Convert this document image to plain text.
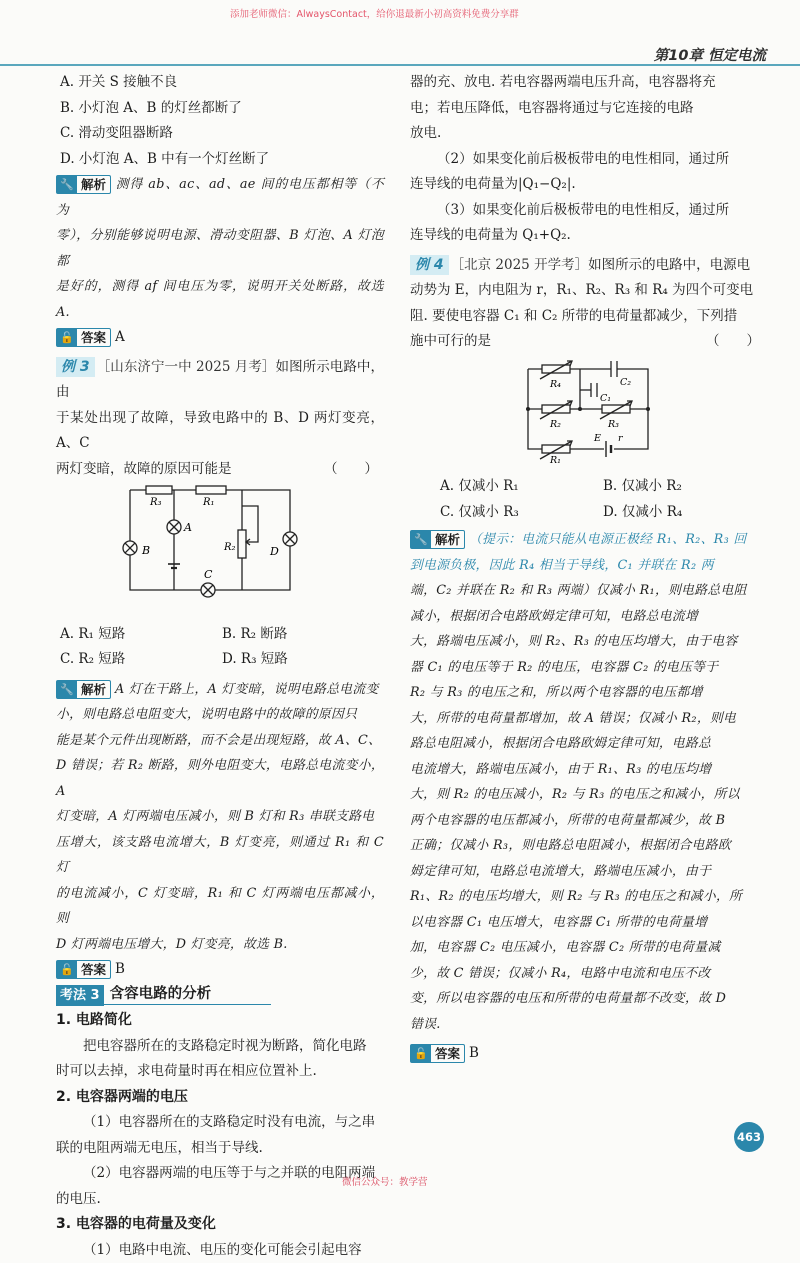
添加老师微信：AlwaysContact，给你退最新小初高资料免费分享群
第10章 恒定电流
A. 开关 S 接触不良
B. 小灯泡 A、B 的灯丝都断了
C. 滑动变阻器断路
D. 小灯泡 A、B 中有一个灯丝断了
🔧 解析 测得 ab、ac、ad、ae 间的电压都相等（不为
零），分别能够说明电源、滑动变阻器、B 灯泡、A 灯泡都
是好的，测得 af 间电压为零，说明开关处断路，故选 A.
🔓 答案 A
例 3 ［山东济宁一中 2025 月考］如图所示电路中，由
于某处出现了故障，导致电路中的 B、D 两灯变亮，A、C
两灯变暗，故障的原因可能是	（　　）
R₃	R₁
B
A
R₂	D
C
A. R₁ 短路	B. R₂ 断路
C. R₂ 短路	D. R₃ 短路
🔧 解析 A 灯在干路上，A 灯变暗，说明电路总电流变
小，则电路总电阻变大，说明电路中的故障的原因只
能是某个元件出现断路，而不会是出现短路，故 A、C、
D 错误；若 R₂ 断路，则外电阻变大，电路总电流变小，A
灯变暗，A 灯两端电压减小，则 B 灯和 R₃ 串联支路电
压增大，该支路电流增大，B 灯变亮，则通过 R₁ 和 C 灯
的电流减小，C 灯变暗，R₁ 和 C 灯两端电压都减小，则
D 灯两端电压增大，D 灯变亮，故选 B.
🔓 答案 B
考法 3 含容电路的分析
1. 电路简化
把电容器所在的支路稳定时视为断路，简化电路
时可以去掉，求电荷量时再在相应位置补上.
2. 电容器两端的电压
（1）电容器所在的支路稳定时没有电流，与之串
联的电阻两端无电压，相当于导线.
（2）电容器两端的电压等于与之并联的电阻两端
的电压.
3. 电容器的电荷量及变化
（1）电路中电流、电压的变化可能会引起电容
器的充、放电. 若电容器两端电压升高，电容器将充
电；若电压降低，电容器将通过与它连接的电路
放电.
（2）如果变化前后极板带电的电性相同，通过所
连导线的电荷量为|Q₁−Q₂|.
（3）如果变化前后极板带电的电性相反，通过所
连导线的电荷量为 Q₁+Q₂.
例 4 ［北京 2025 开学考］如图所示的电路中，电源电
动势为 E，内电阻为 r，R₁、R₂、R₃ 和 R₄ 为四个可变电
阻. 要使电容器 C₁ 和 C₂ 所带的电荷量都减少，下列措
施中可行的是	（　　）
R₄	C₂
C₁
R₂	R₃
R₁
E r
A. 仅减小 R₁	B. 仅减小 R₂
C. 仅减小 R₃	D. 仅减小 R₄
🔧 解析 （提示：电流只能从电源正极经 R₁、R₂、R₃ 回
到电源负极，因此 R₄ 相当于导线，C₁ 并联在 R₂ 两
端，C₂ 并联在 R₂ 和 R₃ 两端）仅减小 R₁，则电路总电阻
减小，根据闭合电路欧姆定律可知，电路总电流增
大，路端电压减小，则 R₂、R₃ 的电压均增大，由于电容
器 C₁ 的电压等于 R₂ 的电压，电容器 C₂ 的电压等于
R₂ 与 R₃ 的电压之和，所以两个电容器的电压都增
大，所带的电荷量都增加，故 A 错误；仅减小 R₂，则电
路总电阻减小，根据闭合电路欧姆定律可知，电路总
电流增大，路端电压减小，由于 R₁、R₃ 的电压均增
大，则 R₂ 的电压减小，R₂ 与 R₃ 的电压之和减小，所以
两个电容器的电压都减小，所带的电荷量都减少，故 B
正确；仅减小 R₃，则电路总电阻减小，根据闭合电路欧
姆定律可知，电路总电流增大，路端电压减小，由于
R₁、R₂ 的电压均增大，则 R₂ 与 R₃ 的电压之和减小，所
以电容器 C₁ 电压增大，电容器 C₁ 所带的电荷量增
加，电容器 C₂ 电压减小，电容器 C₂ 所带的电荷量减
少，故 C 错误；仅减小 R₄，电路中电流和电压不改
变，所以电容器的电压和所带的电荷量都不改变，故 D
错误.
🔓 答案 B
463
微信公众号：教学营
